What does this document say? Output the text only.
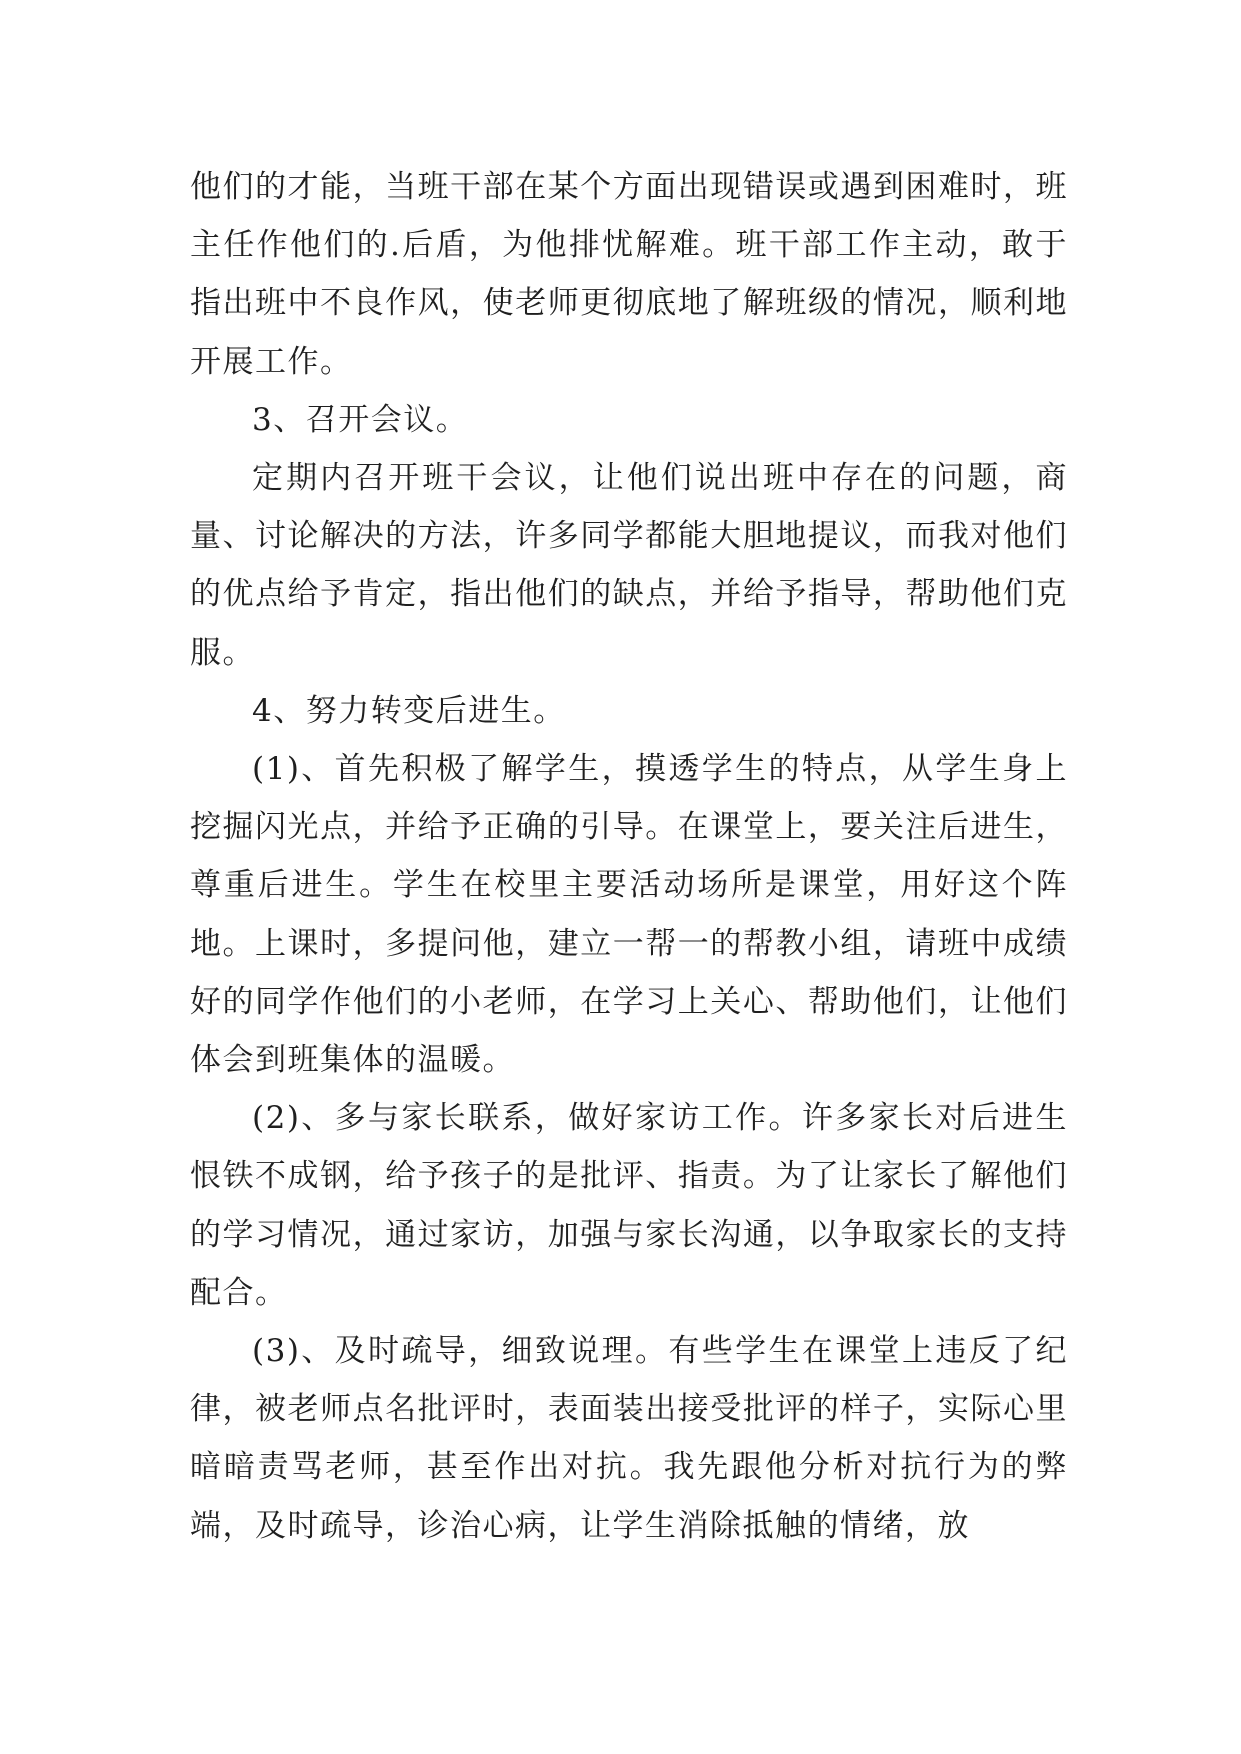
他们的才能，当班干部在某个方面出现错误或遇到困难时，班主任作他们的.后盾，为他排忧解难。班干部工作主动，敢于指出班中不良作风，使老师更彻底地了解班级的情况，顺利地开展工作。

3、召开会议。

定期内召开班干会议，让他们说出班中存在的问题，商量、讨论解决的方法，许多同学都能大胆地提议，而我对他们的优点给予肯定，指出他们的缺点，并给予指导，帮助他们克服。

4、努力转变后进生。

(1)、首先积极了解学生，摸透学生的特点，从学生身上挖掘闪光点，并给予正确的引导。在课堂上，要关注后进生，尊重后进生。学生在校里主要活动场所是课堂，用好这个阵地。上课时，多提问他，建立一帮一的帮教小组，请班中成绩好的同学作他们的小老师，在学习上关心、帮助他们，让他们体会到班集体的温暖。

(2)、多与家长联系，做好家访工作。许多家长对后进生恨铁不成钢，给予孩子的是批评、指责。为了让家长了解他们的学习情况，通过家访，加强与家长沟通，以争取家长的支持配合。

(3)、及时疏导，细致说理。有些学生在课堂上违反了纪律，被老师点名批评时，表面装出接受批评的样子，实际心里暗暗责骂老师，甚至作出对抗。我先跟他分析对抗行为的弊端，及时疏导，诊治心病，让学生消除抵触的情绪，放
